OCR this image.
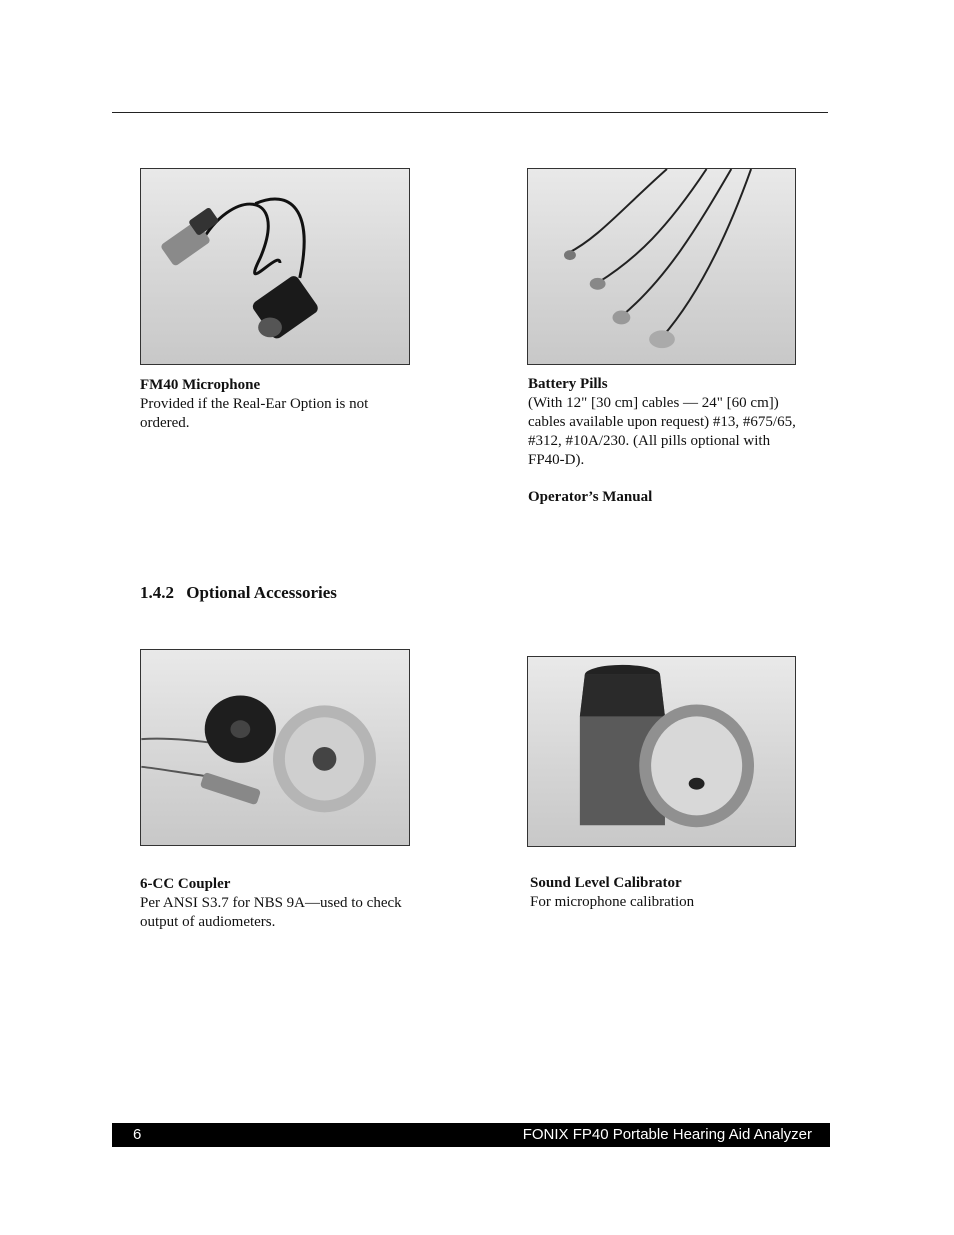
FM40 Microphone
Provided if the Real-Ear Option is not ordered.
Battery Pills
(With 12" [30 cm] cables — 24" [60 cm]) cables available upon request) #13, #675/65, #312, #10A/230. (All pills optional with FP40-D).
Operator’s Manual
1.4.2 Optional Accessories
6-CC Coupler
Per ANSI S3.7 for NBS 9A—used to check output of audiometers.
Sound Level Calibrator
For microphone calibration
6	FONIX FP40 Portable Hearing Aid Analyzer
